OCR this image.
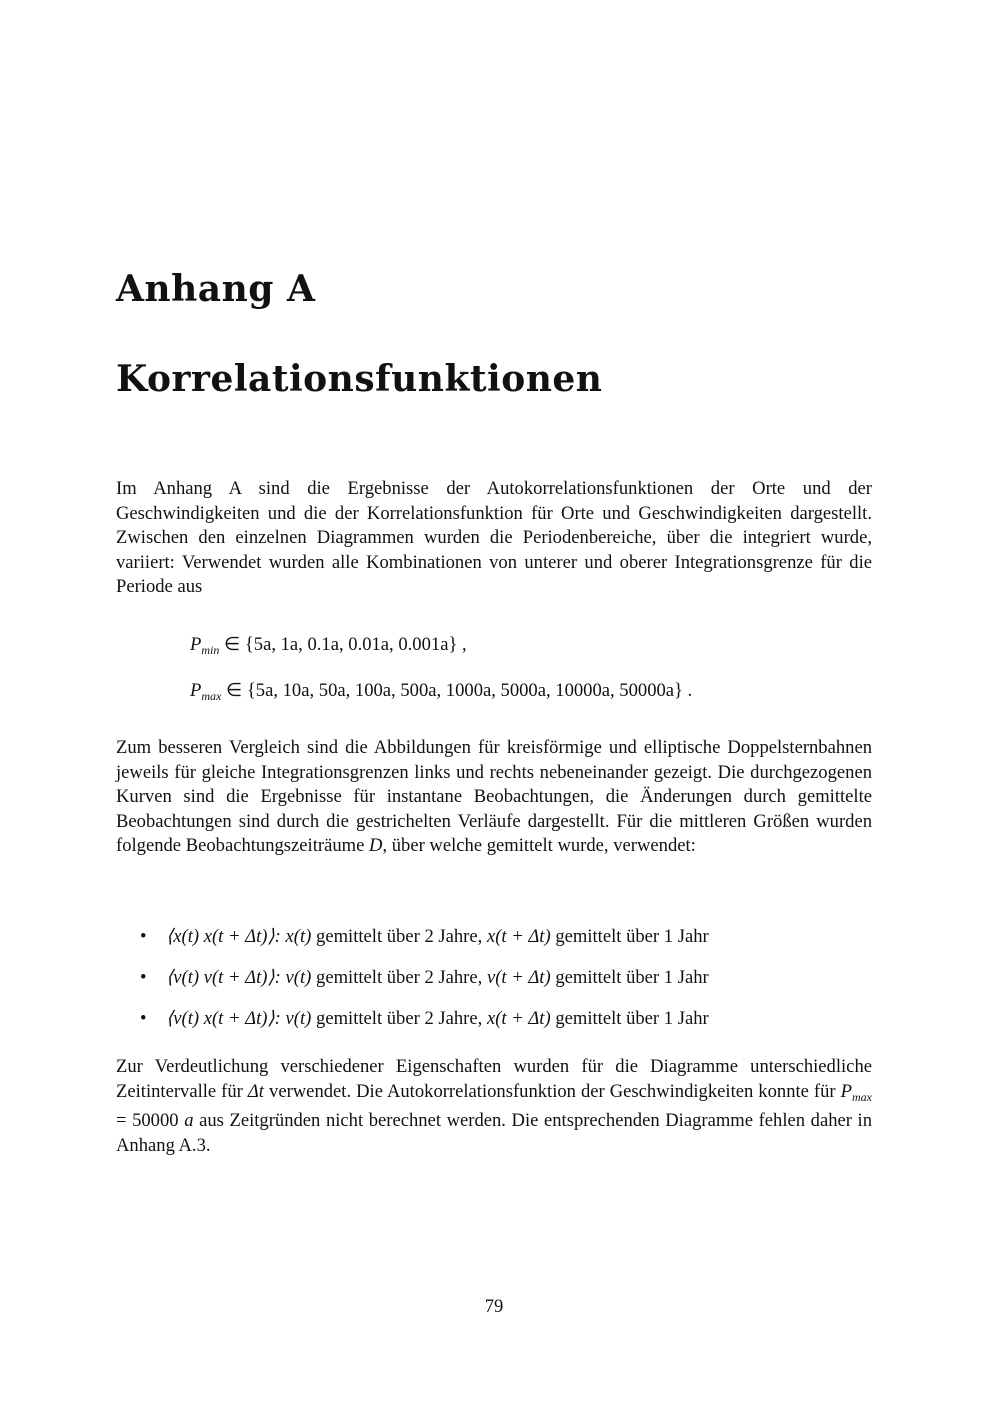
Anhang A
Korrelationsfunktionen

Im Anhang A sind die Ergebnisse der Autokorrelationsfunktionen der Orte und der Geschwindigkeiten und die der Korrelationsfunktion für Orte und Geschwindigkeiten dargestellt. Zwischen den einzelnen Diagrammen wurden die Periodenbereiche, über die integriert wurde, variiert: Verwendet wurden alle Kombinationen von unterer und oberer Integrationsgrenze für die Periode aus

$P_{min}$ ∈ {5a, 1a, 0.1a, 0.01a, 0.001a} ,
$P_{max}$ ∈ {5a, 10a, 50a, 100a, 500a, 1000a, 5000a, 10000a, 50000a} .

Zum besseren Vergleich sind die Abbildungen für kreisförmige und elliptische Doppelsternbahnen jeweils für gleiche Integrationsgrenzen links und rechts nebeneinander gezeigt. Die durchgezogenen Kurven sind die Ergebnisse für instantane Beobachtungen, die Änderungen durch gemittelte Beobachtungen sind durch die gestrichelten Verläufe dargestellt. Für die mittleren Größen wurden folgende Beobachtungszeiträume D, über welche gemittelt wurde, verwendet:

• ⟨x(t) x(t + Δt)⟩: x(t) gemittelt über 2 Jahre, x(t + Δt) gemittelt über 1 Jahr
• ⟨v(t) v(t + Δt)⟩: v(t) gemittelt über 2 Jahre, v(t + Δt) gemittelt über 1 Jahr
• ⟨v(t) x(t + Δt)⟩: v(t) gemittelt über 2 Jahre, x(t + Δt) gemittelt über 1 Jahr

Zur Verdeutlichung verschiedener Eigenschaften wurden für die Diagramme unterschiedliche Zeitintervalle für Δt verwendet. Die Autokorrelationsfunktion der Geschwindigkeiten konnte für $P_{max} = 50000$ a aus Zeitgründen nicht berechnet werden. Die entsprechenden Diagramme fehlen daher in Anhang A.3.

79
